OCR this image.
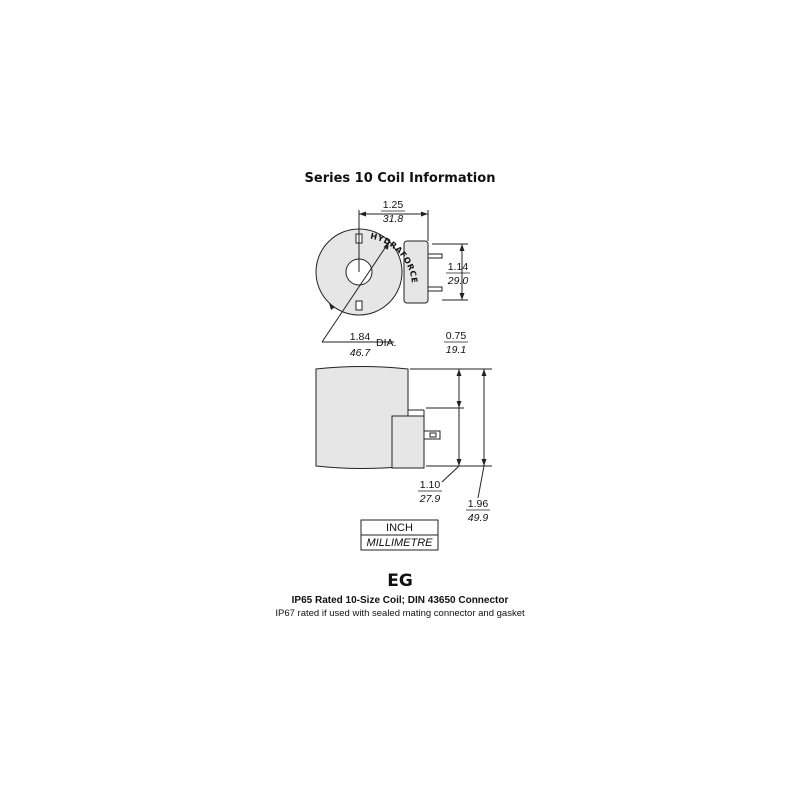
Series 10 Coil Information
HYDRAFORCE
1.25
31.8
1.14
29.0
1.84
46.7
DIA.
0.75
19.1
1.10
27.9	1.96
49.9
INCH
MILLIMETRE
EG
IP65 Rated 10-Size Coil; DIN 43650 Connector
IP67 rated if used with sealed mating connector and gasket
